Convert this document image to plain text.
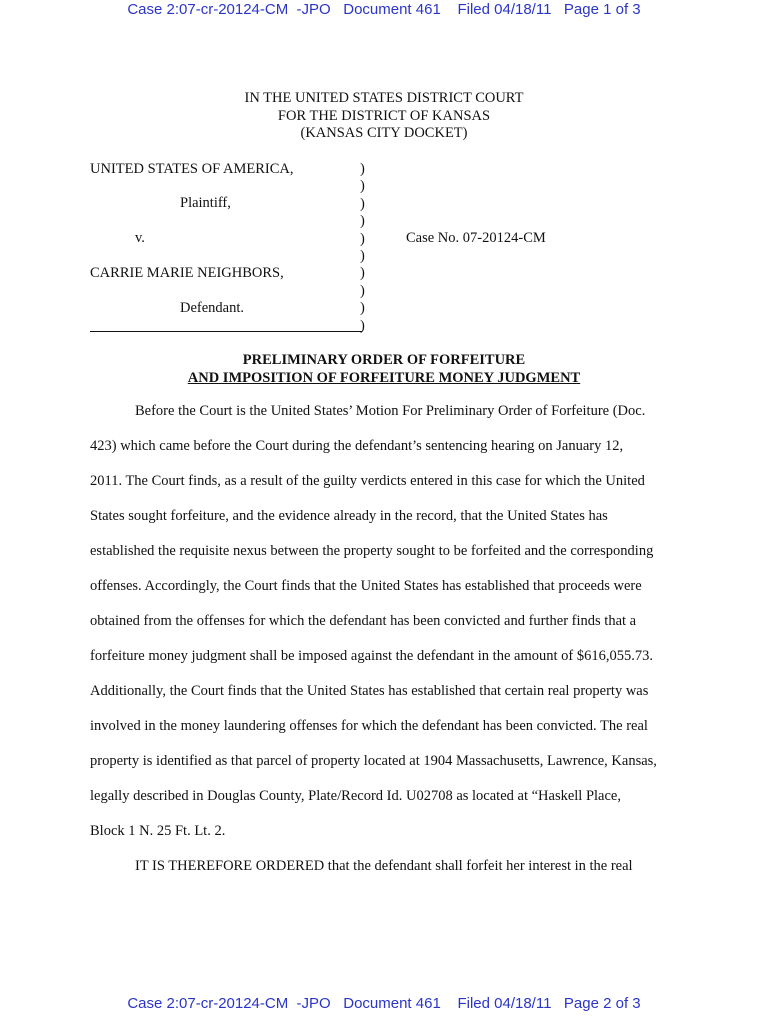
Case 2:07-cr-20124-CM  -JPO   Document 461    Filed 04/18/11   Page 1 of 3
IN THE UNITED STATES DISTRICT COURT
FOR THE DISTRICT OF KANSAS
(KANSAS CITY DOCKET)
UNITED STATES OF AMERICA,
Plaintiff,
v.
CARRIE MARIE NEIGHBORS,
Defendant.
)
)
)
)
)
)
)
)
)
)
Case No. 07-20124-CM
PRELIMINARY ORDER OF FORFEITURE
AND IMPOSITION OF FORFEITURE MONEY JUDGMENT
Before the Court is the United States’ Motion For Preliminary Order of Forfeiture (Doc.
423) which came before the Court during the defendant’s sentencing hearing on January 12,
2011. The Court finds, as a result of the guilty verdicts entered in this case for which the United
States sought forfeiture, and the evidence already in the record, that the United States has
established the requisite nexus between the property sought to be forfeited and the corresponding
offenses. Accordingly, the Court finds that the United States has established that proceeds were
obtained from the offenses for which the defendant has been convicted and further finds that a
forfeiture money judgment shall be imposed against the defendant in the amount of $616,055.73.
Additionally, the Court finds that the United States has established that certain real property was
involved in the money laundering offenses for which the defendant has been convicted. The real
property is identified as that parcel of property located at 1904 Massachusetts, Lawrence, Kansas,
legally described in Douglas County, Plate/Record Id. U02708 as located at “Haskell Place,
Block 1 N. 25 Ft. Lt. 2.
IT IS THEREFORE ORDERED that the defendant shall forfeit her interest in the real
Case 2:07-cr-20124-CM  -JPO   Document 461    Filed 04/18/11   Page 2 of 3
